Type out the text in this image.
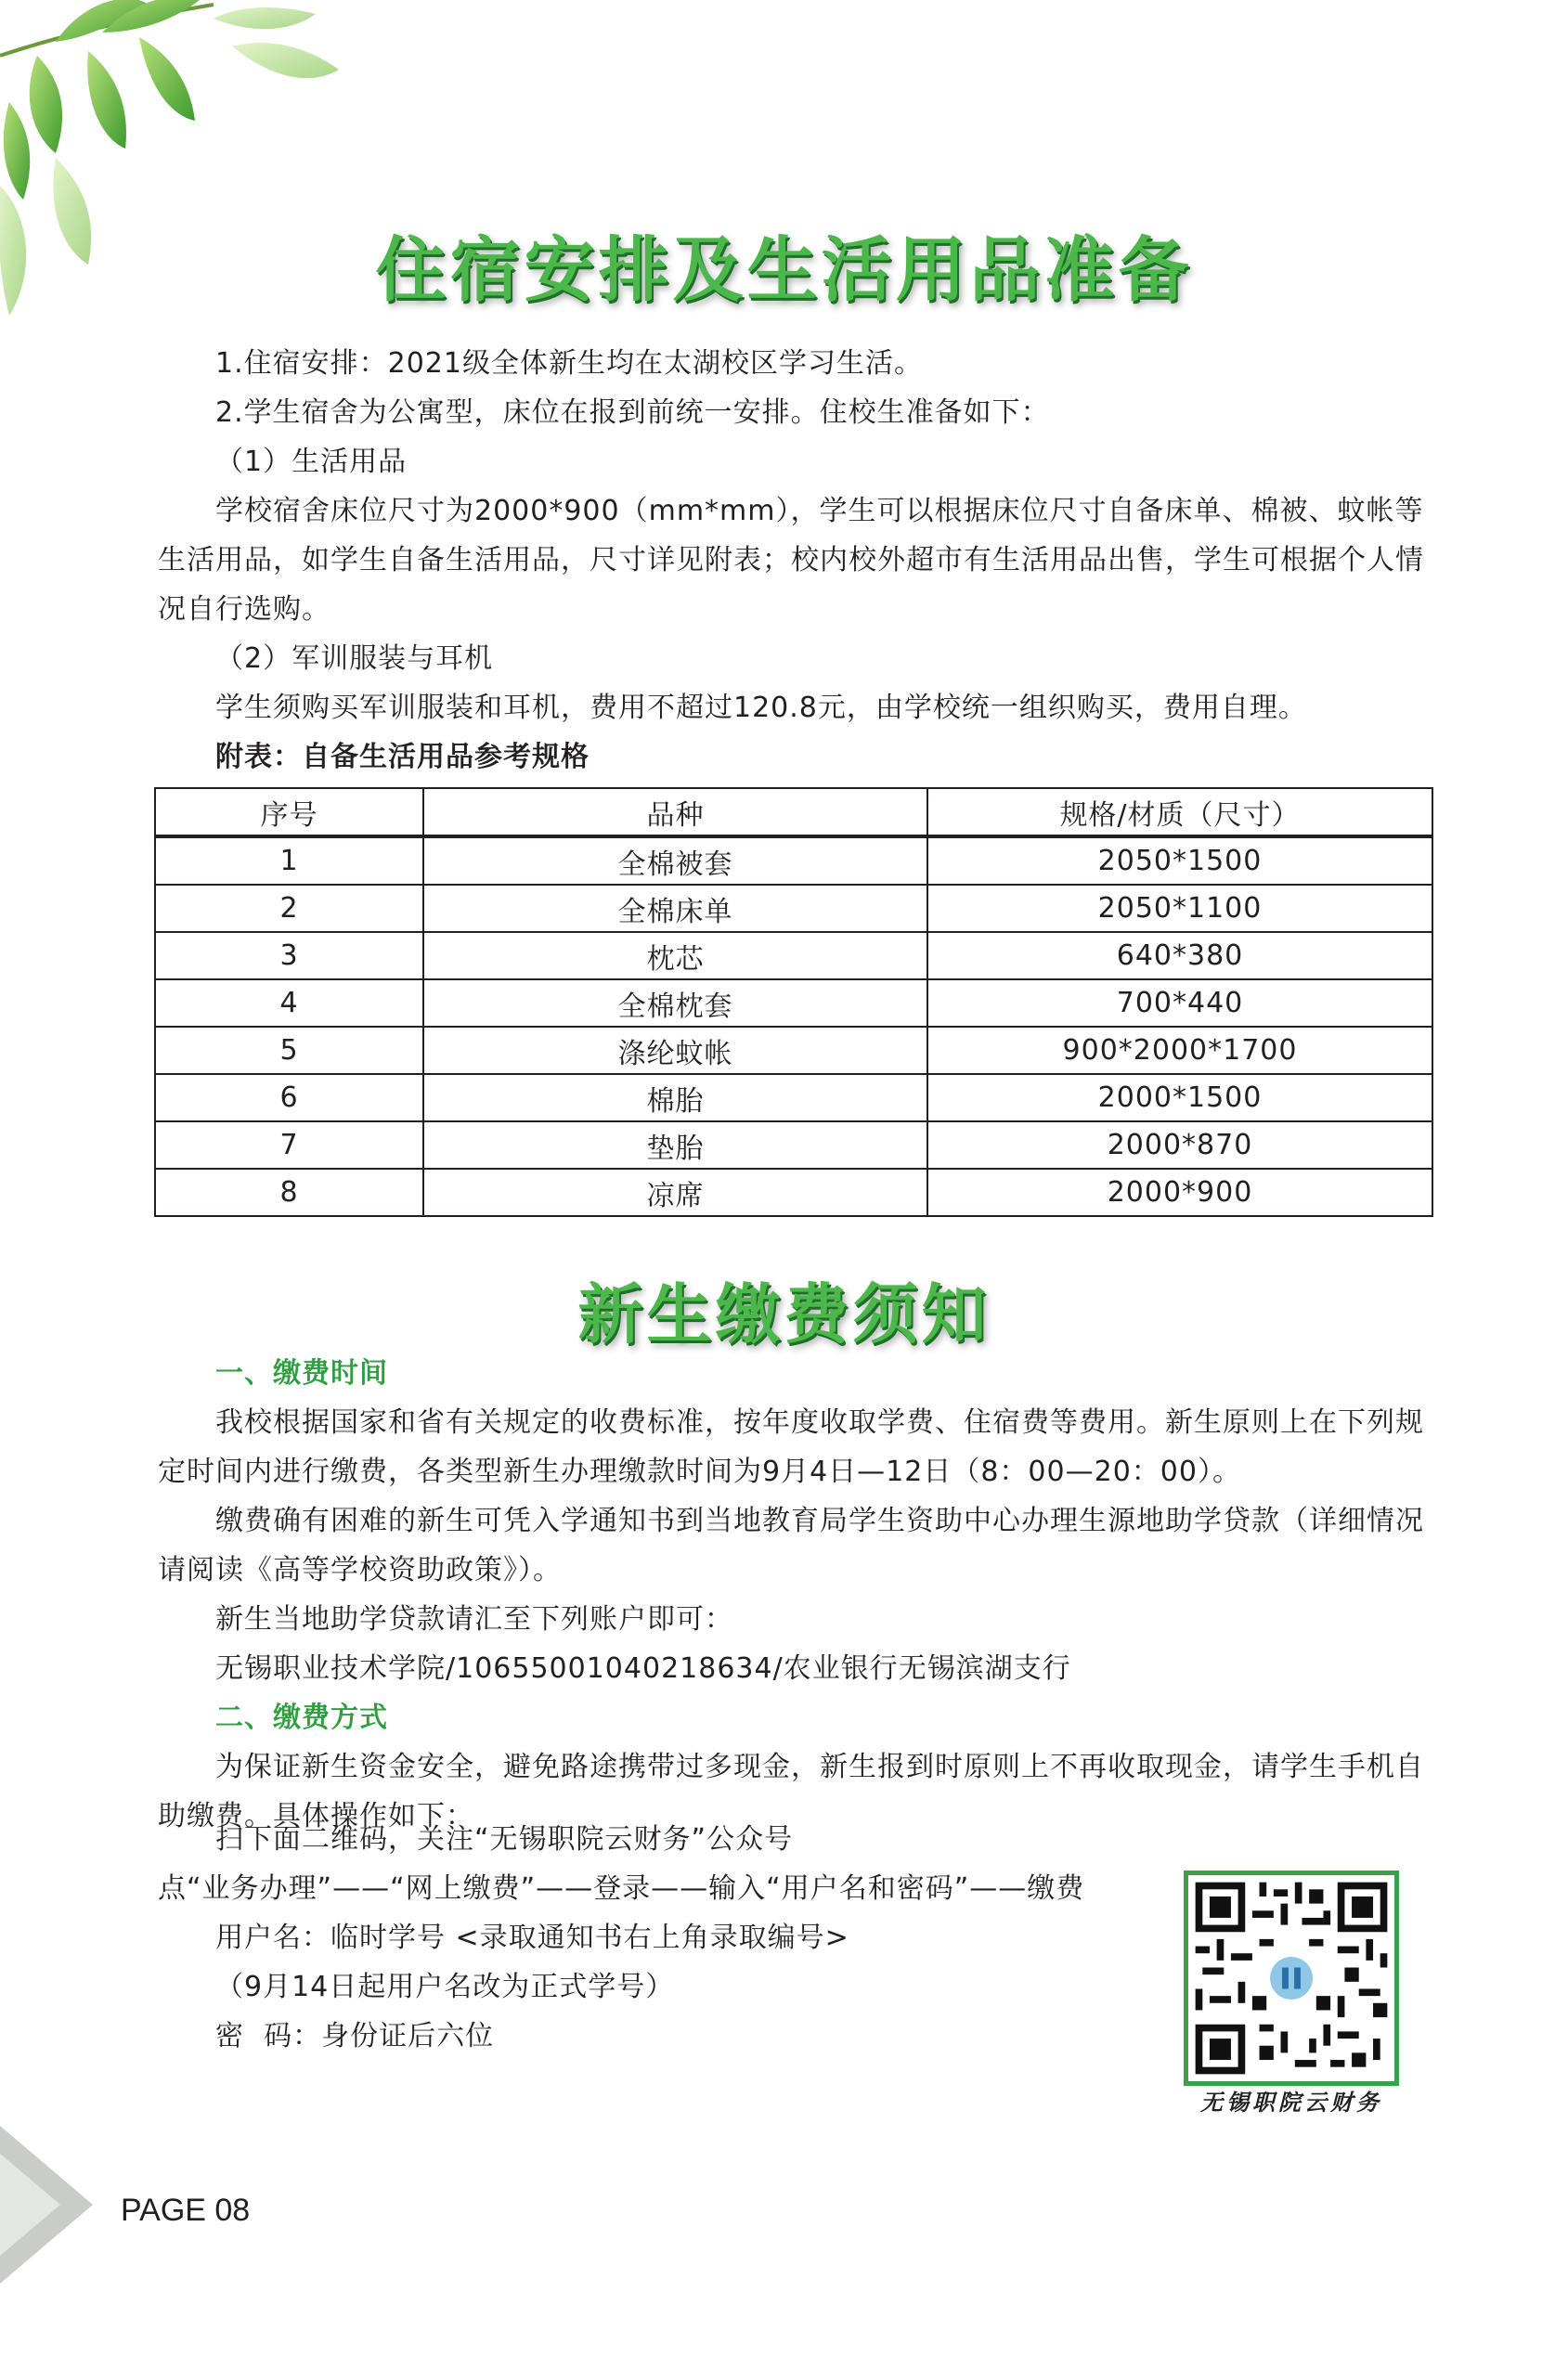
住宿安排及生活用品准备

1.住宿安排：2021级全体新生均在太湖校区学习生活。

2.学生宿舍为公寓型，床位在报到前统一安排。住校生准备如下：

（1）生活用品

学校宿舍床位尺寸为2000*900（mm*mm），学生可以根据床位尺寸自备床单、棉被、蚊帐等生活用品，如学生自备生活用品，尺寸详见附表；校内校外超市有生活用品出售，学生可根据个人情况自行选购。

（2）军训服装与耳机

学生须购买军训服装和耳机，费用不超过120.8元，由学校统一组织购买，费用自理。

附表：自备生活用品参考规格

序号	品种	规格/材质（尺寸）
1	全棉被套	2050*1500
2	全棉床单	2050*1100
3	枕芯	640*380
4	全棉枕套	700*440
5	涤纶蚊帐	900*2000*1700
6	棉胎	2000*1500
7	垫胎	2000*870
8	凉席	2000*900
新生缴费须知

一、缴费时间

我校根据国家和省有关规定的收费标准，按年度收取学费、住宿费等费用。新生原则上在下列规定时间内进行缴费，各类型新生办理缴款时间为9月4日—12日（8：00—20：00）。

缴费确有困难的新生可凭入学通知书到当地教育局学生资助中心办理生源地助学贷款（详细情况请阅读《高等学校资助政策》）。

新生当地助学贷款请汇至下列账户即可：

无锡职业技术学院/10655001040218634/农业银行无锡滨湖支行

二、缴费方式

为保证新生资金安全，避免路途携带过多现金，新生报到时原则上不再收取现金，请学生手机自助缴费。具体操作如下：

扫下面二维码，关注“无锡职院云财务”公众号

点“业务办理”——“网上缴费”——登录——输入“用户名和密码”——缴费

用户名：临时学号 <录取通知书右上角录取编号>

（9月14日起用户名改为正式学号）

密  码：身份证后六位

无锡职院云财务
PAGE 08
